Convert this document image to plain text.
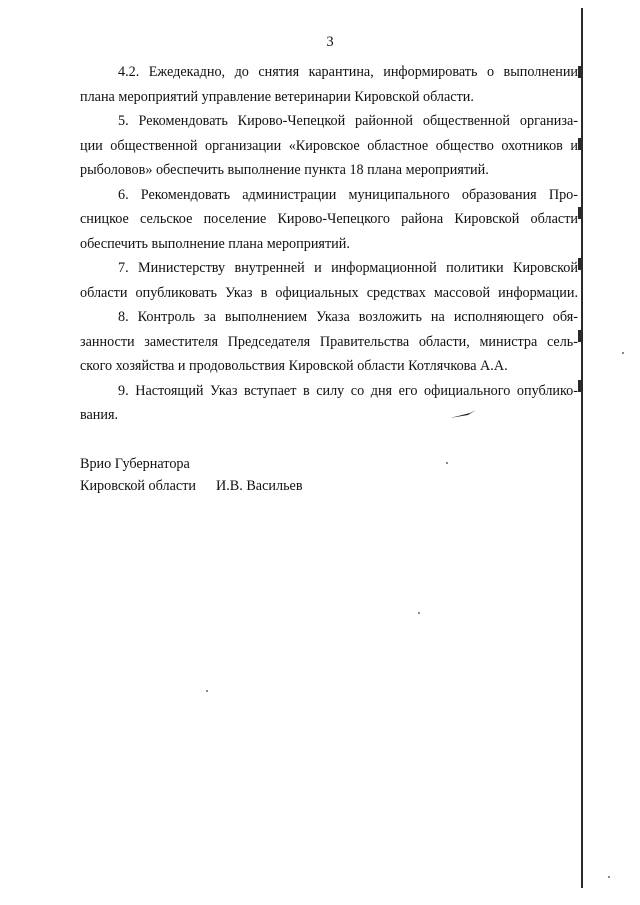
3
4.2. Ежедекадно, до снятия карантина, информировать о выполнении
плана мероприятий управление ветеринарии Кировской области.
5. Рекомендовать Кирово-Чепецкой районной общественной организа-
ции общественной организации «Кировское областное общество охотников и
рыболовов» обеспечить выполнение пункта 18 плана мероприятий.
6. Рекомендовать администрации муниципального образования Про-
сницкое сельское поселение Кирово-Чепецкого района Кировской области
обеспечить выполнение плана мероприятий.
7. Министерству внутренней и информационной политики Кировской
области опубликовать Указ в официальных средствах массовой информации.
8. Контроль за выполнением Указа возложить на исполняющего обя-
занности заместителя Председателя Правительства области, министра сель-
ского хозяйства и продовольствия Кировской области Котлячкова А.А.
9. Настоящий Указ вступает в силу со дня его официального опублико-
вания.
Врио Губернатора
Кировской области И.В. Васильев
